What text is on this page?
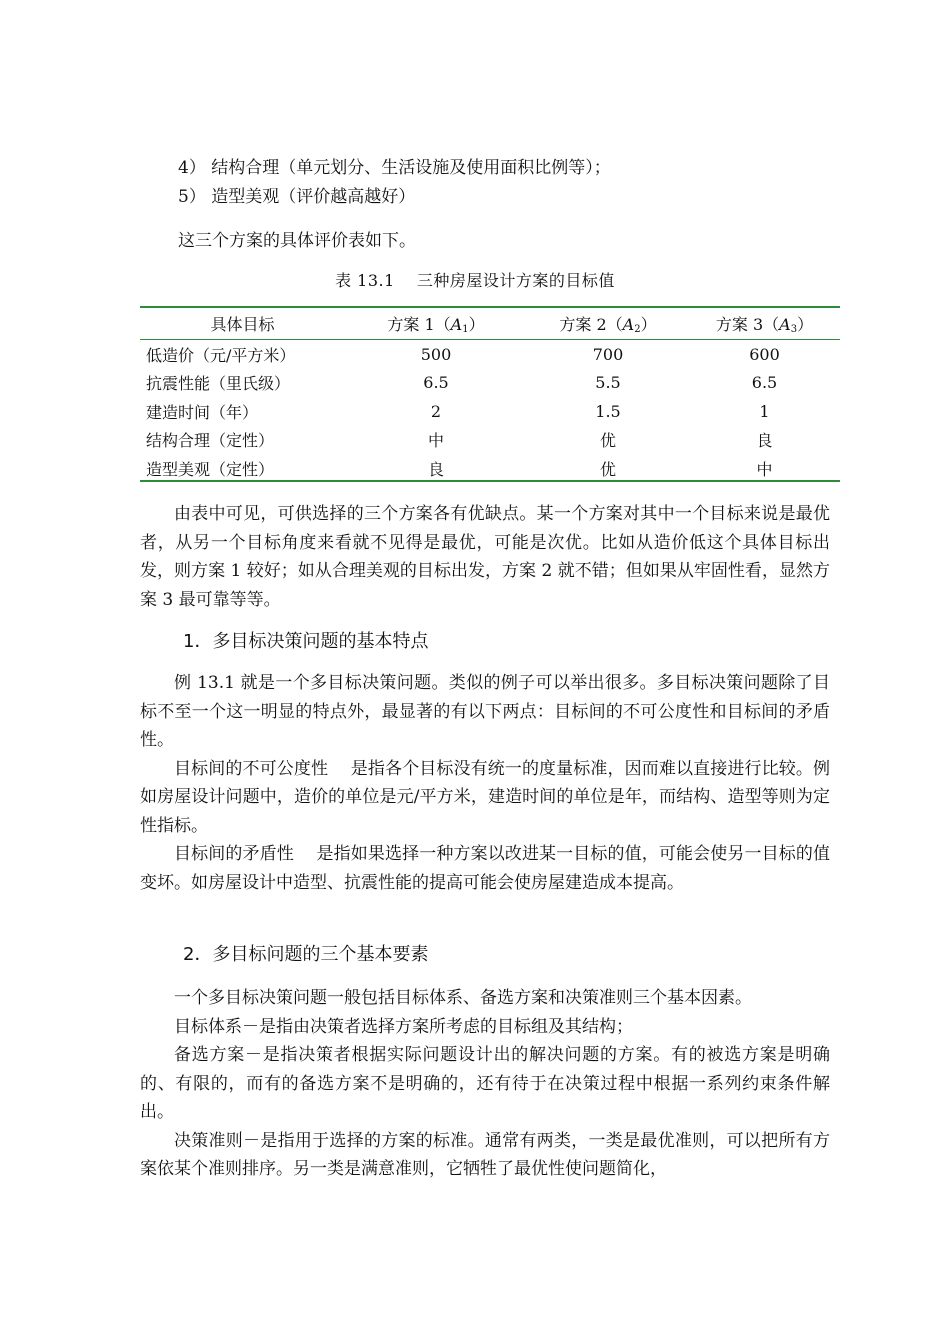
4） 结构合理（单元划分、生活设施及使用面积比例等）；
5） 造型美观（评价越高越好）
这三个方案的具体评价表如下。
表 13.1　 三种房屋设计方案的目标值
具体目标	方案 $1(A_1)$	方案 $2(A_2)$	方案 $3(A_3)$
低造价（元/平方米）	500	700	600
抗震性能（里氏级）	6.5	5.5	6.5
建造时间（年）	2	1.5	1
结构合理（定性）	中	优	良
造型美观（定性）	良	优	中

由表中可见，可供选择的三个方案各有优缺点。某一个方案对其中一个目标来说是最优者，从另一个目标角度来看就不见得是最优，可能是次优。比如从造价低这个具体目标出发，则方案 1 较好；如从合理美观的目标出发，方案 2 就不错；但如果从牢固性看，显然方案 3 最可靠等等。

1．多目标决策问题的基本特点

例 13.1 就是一个多目标决策问题。类似的例子可以举出很多。多目标决策问题除了目标不至一个这一明显的特点外，最显著的有以下两点：目标间的不可公度性和目标间的矛盾性。

目标间的不可公度性　 是指各个目标没有统一的度量标准，因而难以直接进行比较。例如房屋设计问题中，造价的单位是元/平方米，建造时间的单位是年，而结构、造型等则为定性指标。

目标间的矛盾性　 是指如果选择一种方案以改进某一目标的值，可能会使另一目标的值变坏。如房屋设计中造型、抗震性能的提高可能会使房屋建造成本提高。

2．多目标问题的三个基本要素

一个多目标决策问题一般包括目标体系、备选方案和决策准则三个基本因素。

目标体系－是指由决策者选择方案所考虑的目标组及其结构；

备选方案－是指决策者根据实际问题设计出的解决问题的方案。有的被选方案是明确的、有限的，而有的备选方案不是明确的，还有待于在决策过程中根据一系列约束条件解出。

决策准则－是指用于选择的方案的标准。通常有两类，一类是最优准则，可以把所有方案依某个准则排序。另一类是满意准则，它牺牲了最优性使问题简化，
